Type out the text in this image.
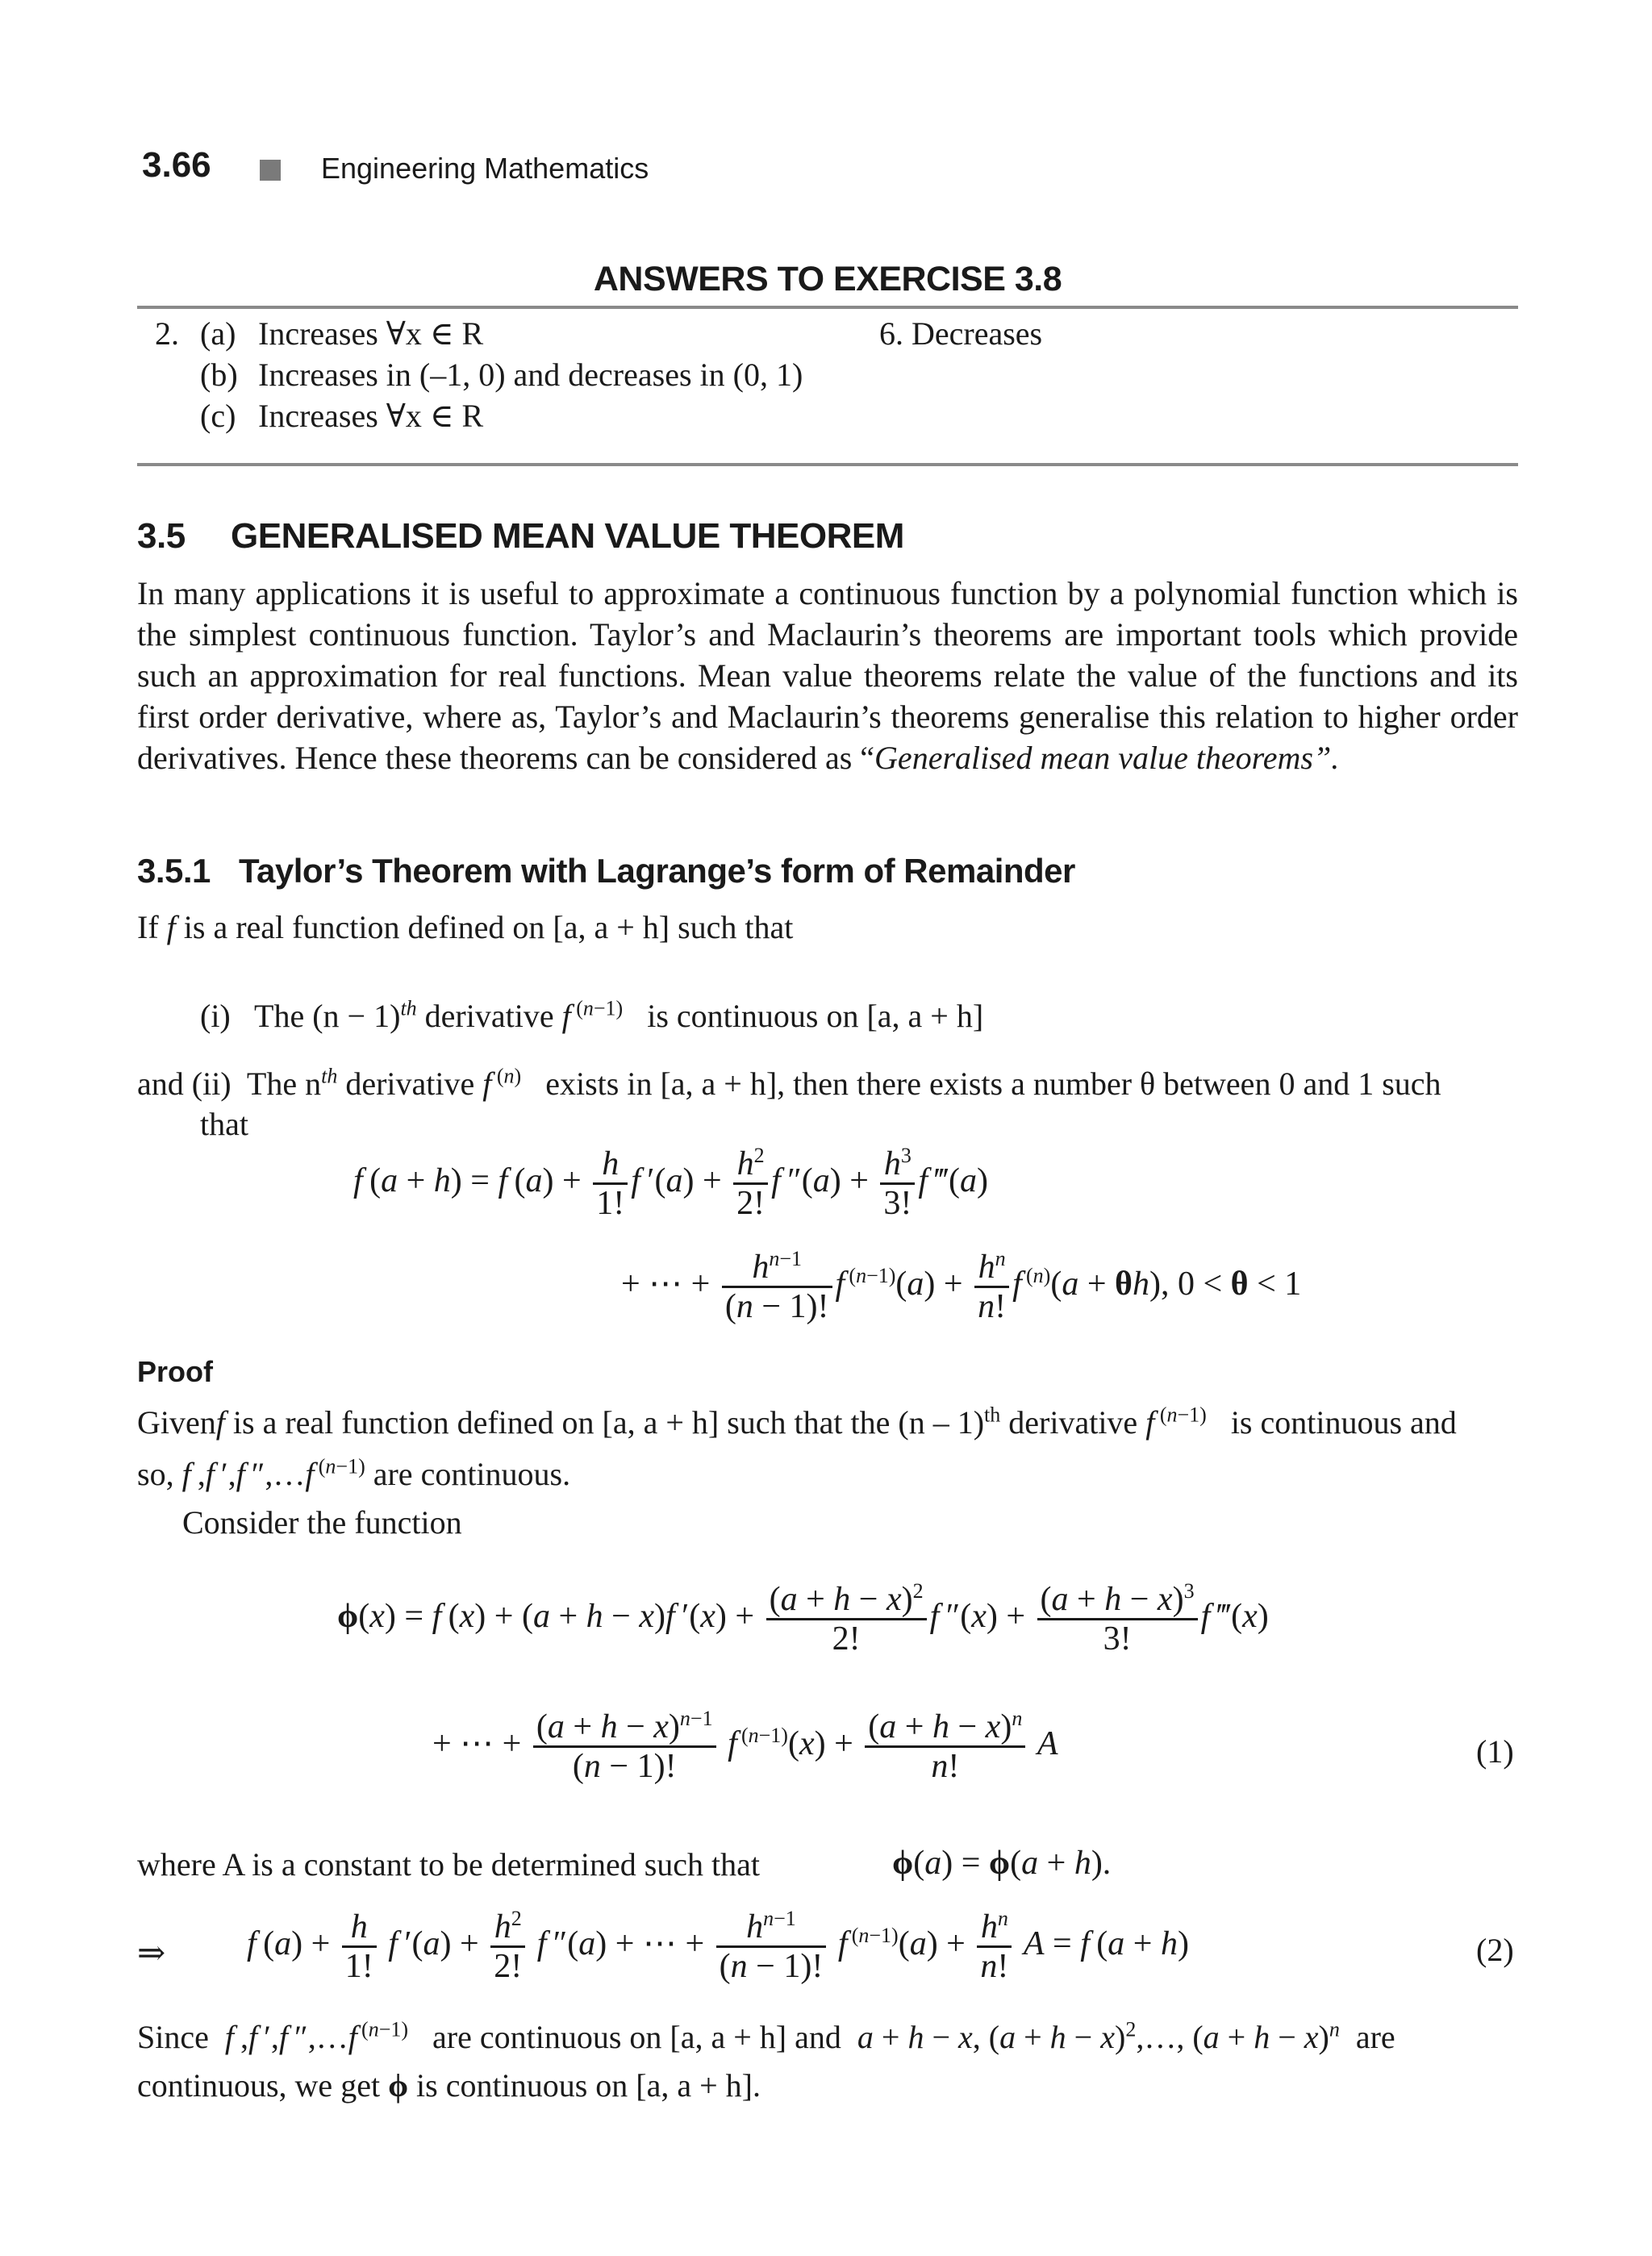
3.66	Engineering Mathematics
ANSWERS TO EXERCISE 3.8
2. (a) Increases ∀x ∈ R
(b) Increases in (–1, 0) and decreases in (0, 1)
(c) Increases ∀x ∈ R
6. Decreases
3.5 GENERALISED MEAN VALUE THEOREM
In many applications it is useful to approximate a continuous function by a polynomial function which is the simplest continuous function. Taylor’s and Maclaurin’s theorems are important tools which provide such an approximation for real functions. Mean value theorems relate the value of the functions and its first order derivative, where as, Taylor’s and Maclaurin’s theorems generalise this relation to higher order derivatives. Hence these theorems can be considered as “Generalised mean value theorems”.
3.5.1 Taylor’s Theorem with Lagrange’s form of Remainder
If f is a real function defined on [a, a + h] such that
(i) The $(n - 1)^{th}$ derivative f $^{(n-1)}$ is continuous on [a, a + h]
and (ii) The $n^{th}$ derivative f $^{(n)}$ exists in [a, a + h], then there exists a number θ between 0 and 1 such
that
f (a + h) = f $(a) + \frac{h}{1!}$ f $'(a) + \frac{h^2}{2!}$ f $''(a) + \frac{h^3}{3!}$ f ‴(a)
+ ⋯ + $\frac{h^{n-1}}{(n - 1)!}$ f $^{(n-1)}(a) + \frac{h^n}{n!}$ f $^{(n)}$(a + θh), 0 < θ < 1
Proof
Givenf is a real function defined on [a, a + h] such that the (n – 1)$^{th}$ derivative f $^{(n-1)}$ is continuous and
so, f ,f ′,f ″,…f $^{(n-1)}$ are continuous.
Consider the function
ϕ(x) = f (x) + (a + h − x)f $'(x) + \frac{(a + h - x)^2}{2!}$ f $''(x) + \frac{(a + h - x)^3}{3!}$ f ‴(x)
+ ⋯ + $\frac{(a + h - x)^{n-1}}{(n - 1)!}$ f $^{(n-1)}(x) + \frac{(a + h - x)^n}{n!}$ A	(1)
where A is a constant to be determined such that	ϕ(a) = ϕ(a + h).
⇒ f $(a) + \frac{h}{1!}$ f $'(a) + \frac{h^2}{2!}$ f ″(a) + ⋯ + $\frac{h^{n-1}}{(n - 1)!}$ f $^{(n-1)}(a) + \frac{h^n}{n!}$ A = f (a + h)	(2)
Since f ,f ′,f ″,…f $^{(n-1)}$ are continuous on [a, a + h] and a + h − x, $(a + h - x)^2,\dots$, $(a + h - x)^n$ are
continuous, we get ϕ is continuous on [a, a + h].
